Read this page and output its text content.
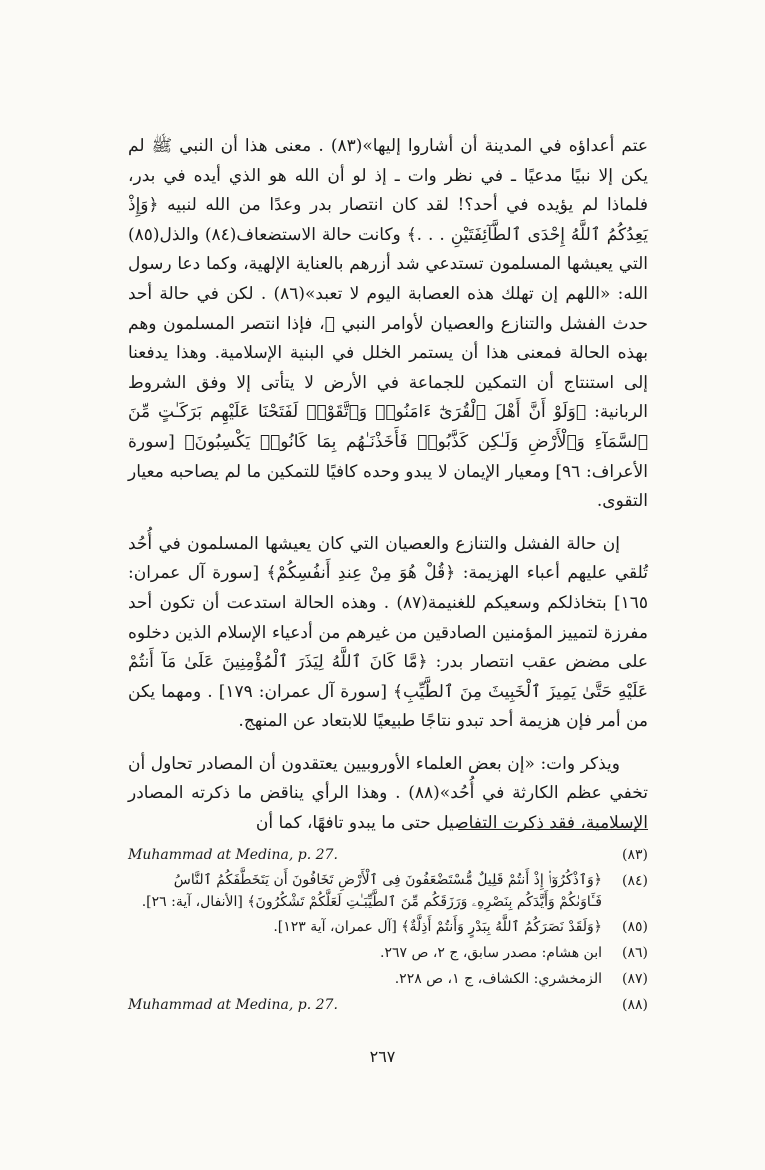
عتم أعداؤه في المدينة أن أشاروا إليها»(٨٣) . معنى هذا أن النبي ﷺ لم يكن إلا نبيًا مدعيًا ـ في نظر وات ـ إذ لو أن الله هو الذي أيده في بدر، فلماذا لم يؤيده في أحد؟! لقد كان انتصار بدر وعدًا من الله لنبيه ﴿وَإِذْ يَعِدُكُمُ ٱللَّهُ إِحْدَى ٱلطَّآئِفَتَيْنِ . . .﴾ وكانت حالة الاستضعاف(٨٤) والذل(٨٥) التي يعيشها المسلمون تستدعي شد أزرهم بالعناية الإلهية، وكما دعا رسول الله: «اللهم إن تهلك هذه العصابة اليوم لا تعبد»(٨٦) . لكن في حالة أحد حدث الفشل والتنازع والعصيان لأوامر النبي ﷺ، فإذا انتصر المسلمون وهم بهذه الحالة فمعنى هذا أن يستمر الخلل في البنية الإسلامية. وهذا يدفعنا إلى استنتاج أن التمكين للجماعة في الأرض لا يتأتى إلا وفق الشروط الربانية: ﴿وَلَوْ أَنَّ أَهْلَ ٱلْقُرَىٰٓ ءَامَنُوا۟ وَٱتَّقَوْا۟ لَفَتَحْنَا عَلَيْهِم بَرَكَـٰتٍ مِّنَ ٱلسَّمَآءِ وَٱلْأَرْضِ وَلَـٰكِن كَذَّبُوا۟ فَأَخَذْنَـٰهُم بِمَا كَانُوا۟ يَكْسِبُونَ﴾ [سورة الأعراف: ٩٦] ومعيار الإيمان لا يبدو وحده كافيًا للتمكين ما لم يصاحبه معيار التقوى.

إن حالة الفشل والتنازع والعصيان التي كان يعيشها المسلمون في أُحُد تُلقي عليهم أعباء الهزيمة: ﴿قُلْ هُوَ مِنْ عِندِ أَنفُسِكُمْ﴾ [سورة آل عمران: ١٦٥] بتخاذلكم وسعيكم للغنيمة(٨٧) . وهذه الحالة استدعت أن تكون أحد مفرزة لتمييز المؤمنين الصادقين من غيرهم من أدعياء الإسلام الذين دخلوه على مضض عقب انتصار بدر: ﴿مَّا كَانَ ٱللَّهُ لِيَذَرَ ٱلْمُؤْمِنِينَ عَلَىٰ مَآ أَنتُمْ عَلَيْهِ حَتَّىٰ يَمِيزَ ٱلْخَبِيثَ مِنَ ٱلطَّيِّبِ﴾ [سورة آل عمران: ١٧٩] . ومهما يكن من أمر فإن هزيمة أحد تبدو نتاجًا طبيعيًا للابتعاد عن المنهج.

ويذكر وات: «إن بعض العلماء الأوروبيين يعتقدون أن المصادر تحاول أن تخفي عظم الكارثة في أُحُد»(٨٨) . وهذا الرأي يناقض ما ذكرته المصادر الإسلامية، فقد ذكرت التفاصيل حتى ما يبدو تافهًا، كما أن

(٨٣)
Muhammad at Medina, p. 27.
(٨٤)
﴿وَٱذْكُرُوٓا۟ إِذْ أَنتُمْ قَلِيلٌ مُّسْتَضْعَفُونَ فِى ٱلْأَرْضِ تَخَافُونَ أَن يَتَخَطَّفَكُمُ ٱلنَّاسُ فَـَٔاوَىٰكُمْ وَأَيَّدَكُم بِنَصْرِهِۦ وَرَزَقَكُم مِّنَ ٱلطَّيِّبَـٰتِ لَعَلَّكُمْ تَشْكُرُونَ﴾ [الأنفال، آية: ٢٦].
(٨٥)
﴿وَلَقَدْ نَصَرَكُمُ ٱللَّهُ بِبَدْرٍ وَأَنتُمْ أَذِلَّةٌ﴾ [آل عمران، آية ١٢٣].
(٨٦)
ابن هشام: مصدر سابق، ج ٢، ص ٢٦٧.
(٨٧)
الزمخشري: الكشاف، ج ١، ص ٢٢٨.
(٨٨)
Muhammad at Medina, p. 27.
٢٦٧
